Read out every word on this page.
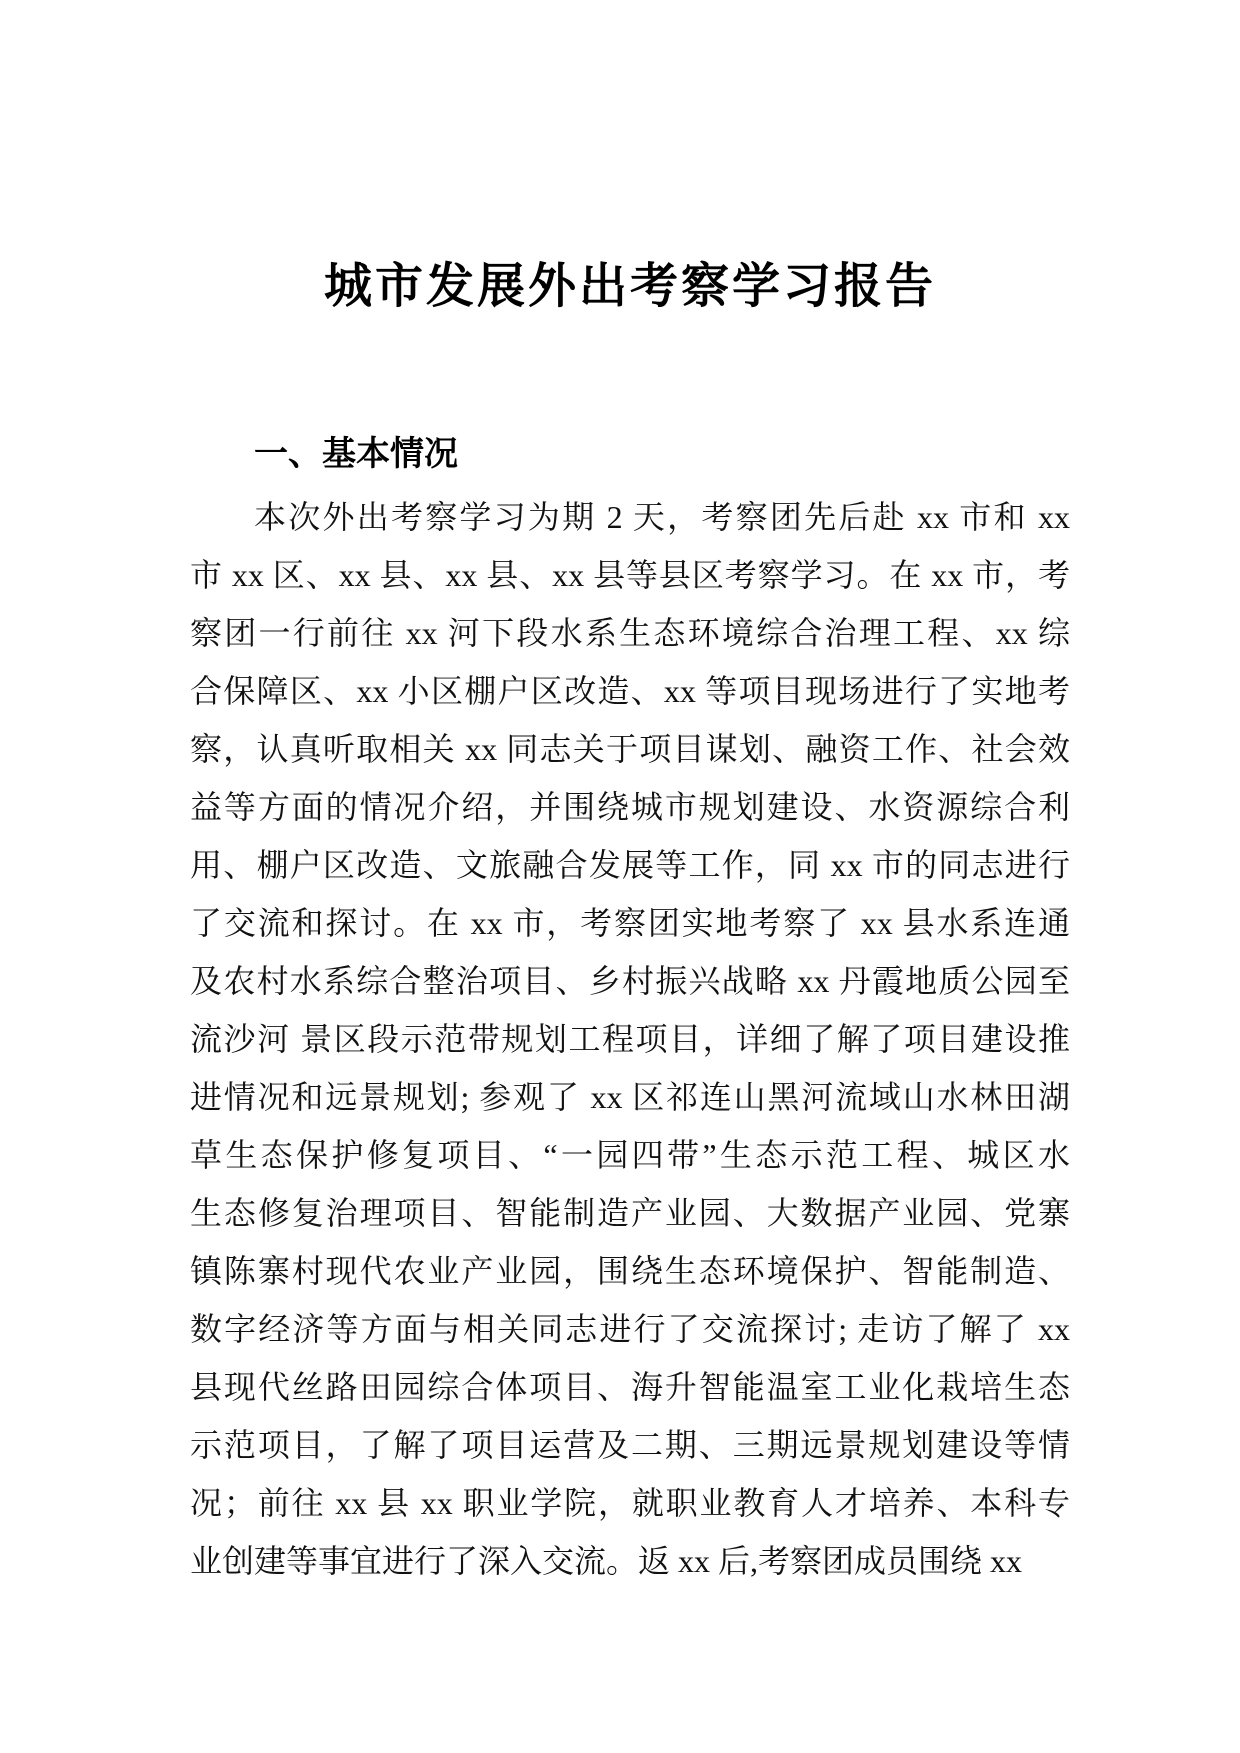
城市发展外出考察学习报告
一、基本情况
本次外出考察学习为期 2 天，考察团先后赴 xx 市和 xx
市 xx 区、xx 县、xx 县、xx 县等县区考察学习。在 xx 市，考
察团一行前往 xx 河下段水系生态环境综合治理工程、xx 综
合保障区、xx 小区棚户区改造、xx 等项目现场进行了实地考
察，认真听取相关 xx 同志关于项目谋划、融资工作、社会效
益等方面的情况介绍，并围绕城市规划建设、水资源综合利
用、棚户区改造、文旅融合发展等工作，同 xx 市的同志进行
了交流和探讨。在 xx 市，考察团实地考察了 xx 县水系连通
及农村水系综合整治项目、乡村振兴战略 xx 丹霞地质公园至
流沙河 景区段示范带规划工程项目，详细了解了项目建设推
进情况和远景规划; 参观了 xx 区祁连山黑河流域山水林田湖
草生态保护修复项目、“一园四带”生态示范工程、城区水
生态修复治理项目、智能制造产业园、大数据产业园、党寨
镇陈寨村现代农业产业园，围绕生态环境保护、智能制造、
数字经济等方面与相关同志进行了交流探讨; 走访了解了 xx
县现代丝路田园综合体项目、海升智能温室工业化栽培生态
示范项目，了解了项目运营及二期、三期远景规划建设等情
况；前往 xx 县 xx 职业学院，就职业教育人才培养、本科专
业创建等事宜进行了深入交流。返 xx 后,考察团成员围绕 xx
